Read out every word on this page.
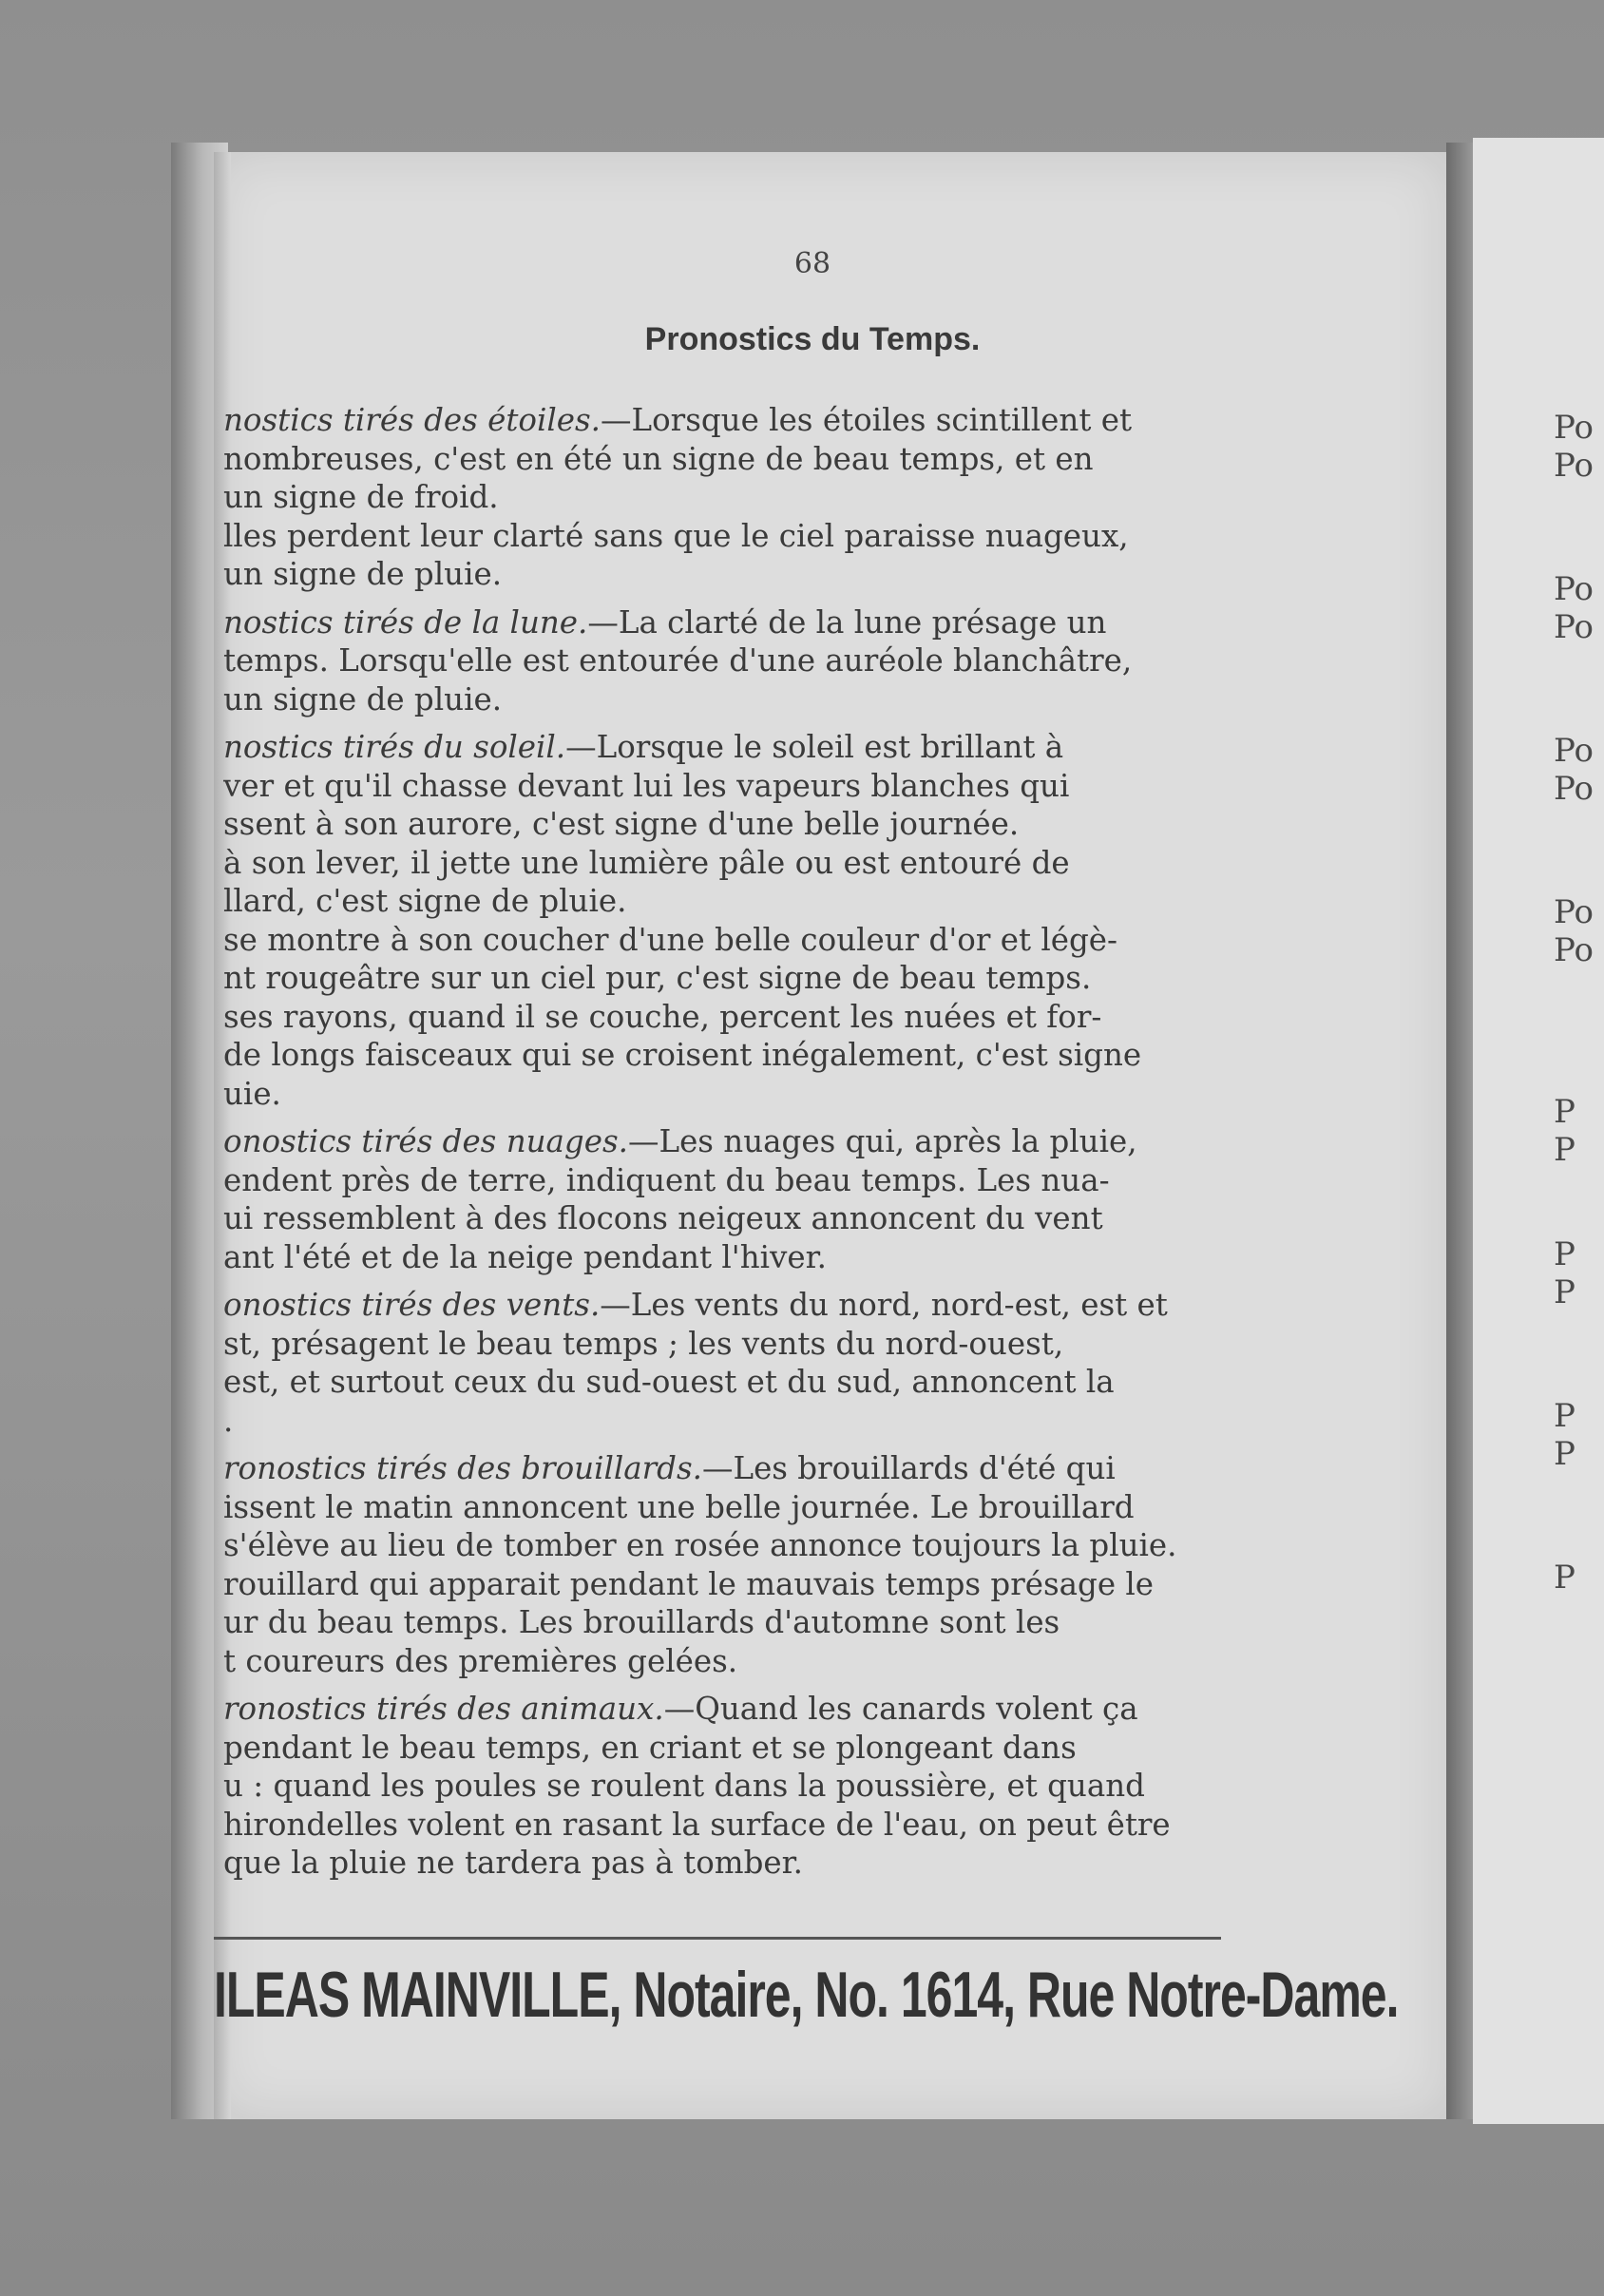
68
Pronostics du Temps.
nostics tirés des étoiles.—Lorsque les étoiles scintillent et
nombreuses, c'est en été un signe de beau temps, et en
un signe de froid.
lles perdent leur clarté sans que le ciel paraisse nuageux,
un signe de pluie.
nostics tirés de la lune.—La clarté de la lune présage un
temps. Lorsqu'elle est entourée d'une auréole blanchâtre,
un signe de pluie.
nostics tirés du soleil.—Lorsque le soleil est brillant à
ver et qu'il chasse devant lui les vapeurs blanches qui
ssent à son aurore, c'est signe d'une belle journée.
à son lever, il jette une lumière pâle ou est entouré de
llard, c'est signe de pluie.
se montre à son coucher d'une belle couleur d'or et légè-
nt rougeâtre sur un ciel pur, c'est signe de beau temps.
ses rayons, quand il se couche, percent les nuées et for-
de longs faisceaux qui se croisent inégalement, c'est signe
uie.
onostics tirés des nuages.—Les nuages qui, après la pluie,
endent près de terre, indiquent du beau temps. Les nua-
ui ressemblent à des flocons neigeux annoncent du vent
ant l'été et de la neige pendant l'hiver.
onostics tirés des vents.—Les vents du nord, nord-est, est et
st, présagent le beau temps ; les vents du nord-ouest,
est, et surtout ceux du sud-ouest et du sud, annoncent la
.
ronostics tirés des brouillards.—Les brouillards d'été qui
issent le matin annoncent une belle journée. Le brouillard
s'élève au lieu de tomber en rosée annonce toujours la pluie.
rouillard qui apparait pendant le mauvais temps présage le
ur du beau temps. Les brouillards d'automne sont les
t coureurs des premières gelées.
ronostics tirés des animaux.—Quand les canards volent ça
pendant le beau temps, en criant et se plongeant dans
u : quand les poules se roulent dans la poussière, et quand
hirondelles volent en rasant la surface de l'eau, on peut être
que la pluie ne tardera pas à tomber.
ILEAS MAINVILLE, Notaire, No. 1614, Rue Notre-Dame.
Po
Po
Po
Po
Po
Po
Po
Po
P
P
P
P
P
P
P
